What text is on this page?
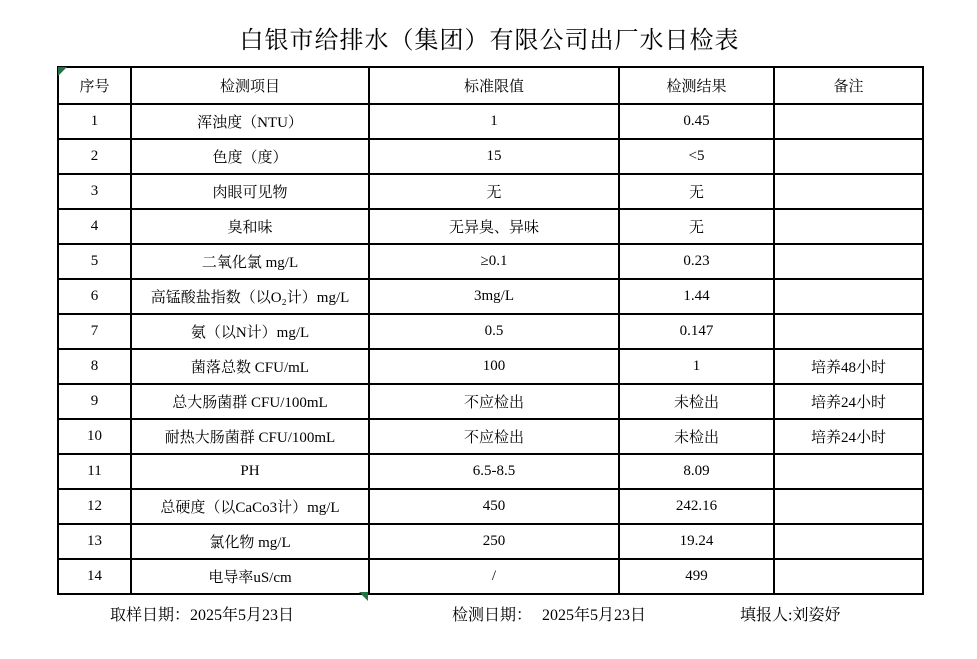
白银市给排水（集团）有限公司出厂水日检表
序号	检测项目	标准限值	检测结果	备注
1	浑浊度（NTU）	1	0.45	
2	色度（度）	15	<5	
3	肉眼可见物	无	无	
4	臭和味	无异臭、异味	无	
5	二氧化氯 mg/L	≥0.1	0.23	
6	高锰酸盐指数（以O₂计）mg/L	3mg/L	1.44	
7	氨（以N计）mg/L	0.5	0.147	
8	菌落总数 CFU/mL	100	1	培养48小时
9	总大肠菌群 CFU/100mL	不应检出	未检出	培养24小时
10	耐热大肠菌群 CFU/100mL	不应检出	未检出	培养24小时
11	PH	6.5-8.5	8.09	
12	总硬度（以CaCo3计）mg/L	450	242.16	
13	氯化物 mg/L	250	19.24	
14	电导率uS/cm	/	499	
取样日期：2025年5月23日	检测日期： 2025年5月23日	填报人:刘姿妤
